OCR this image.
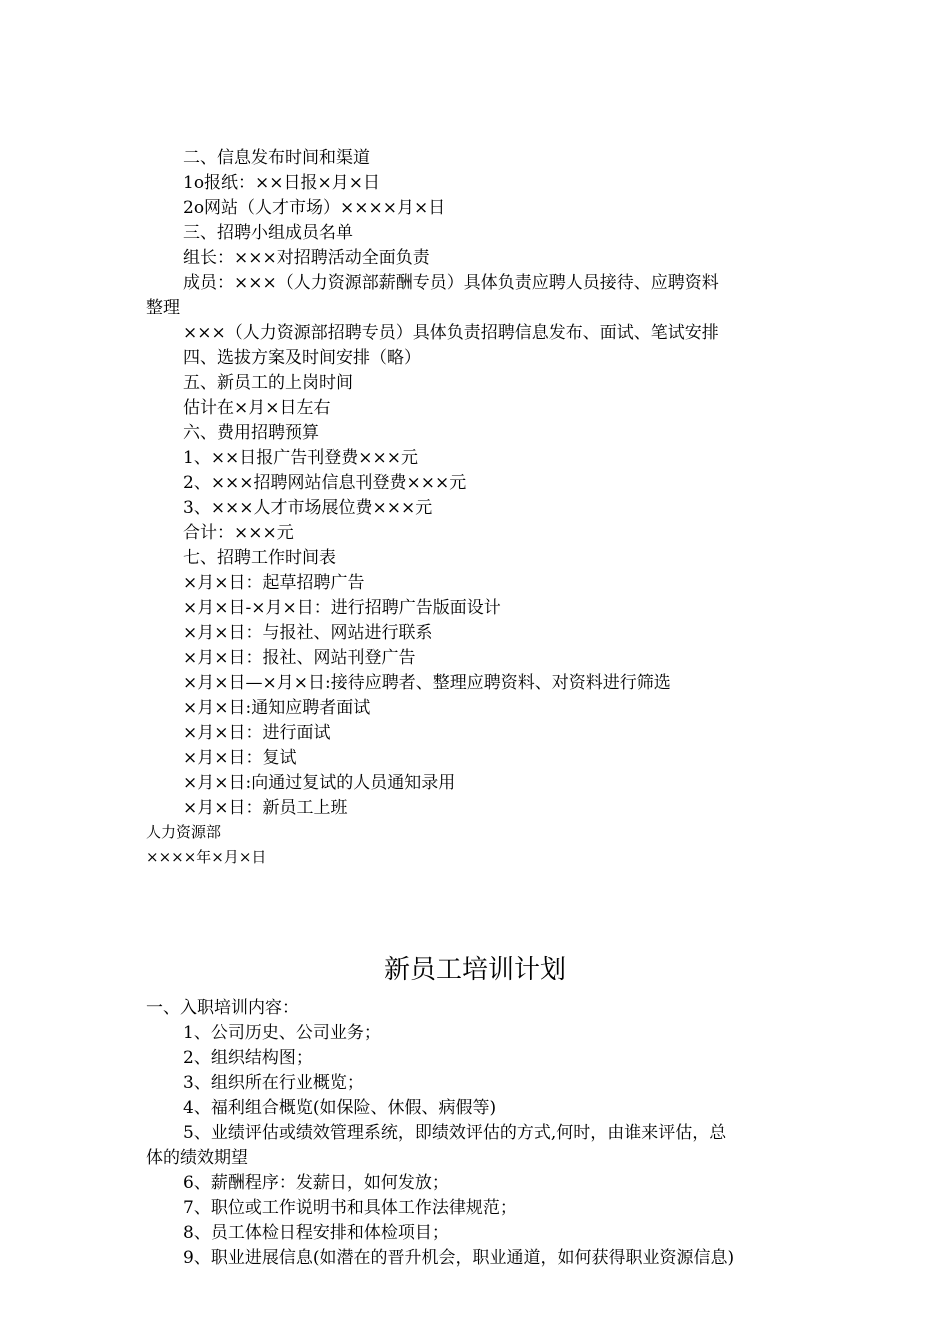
二、信息发布时间和渠道
1о报纸：××日报×月×日
2о网站（人才市场）××××月×日
三、招聘小组成员名单
组长：×××对招聘活动全面负责
成员：×××（人力资源部薪酬专员）具体负责应聘人员接待、应聘资料
整理
×××（人力资源部招聘专员）具体负责招聘信息发布、面试、笔试安排
四、选拔方案及时间安排（略）
五、新员工的上岗时间
估计在×月×日左右
六、费用招聘预算
1、××日报广告刊登费×××元
2、×××招聘网站信息刊登费×××元
3、×××人才市场展位费×××元
合计：×××元
七、招聘工作时间表
×月×日：起草招聘广告
×月×日-×月×日：进行招聘广告版面设计
×月×日：与报社、网站进行联系
×月×日：报社、网站刊登广告
×月×日—×月×日:接待应聘者、整理应聘资料、对资料进行筛选
×月×日:通知应聘者面试
×月×日：进行面试
×月×日：复试
×月×日:向通过复试的人员通知录用
×月×日：新员工上班
人力资源部
××××年×月×日
新员工培训计划
一、入职培训内容：
1、公司历史、公司业务；
2、组织结构图；
3、组织所在行业概览；
4、福利组合概览(如保险、休假、病假等)
5、业绩评估或绩效管理系统，即绩效评估的方式,何时，由谁来评估，总
体的绩效期望
6、薪酬程序：发薪日，如何发放；
7、职位或工作说明书和具体工作法律规范；
8、员工体检日程安排和体检项目；
9、职业进展信息(如潜在的晋升机会，职业通道，如何获得职业资源信息)
